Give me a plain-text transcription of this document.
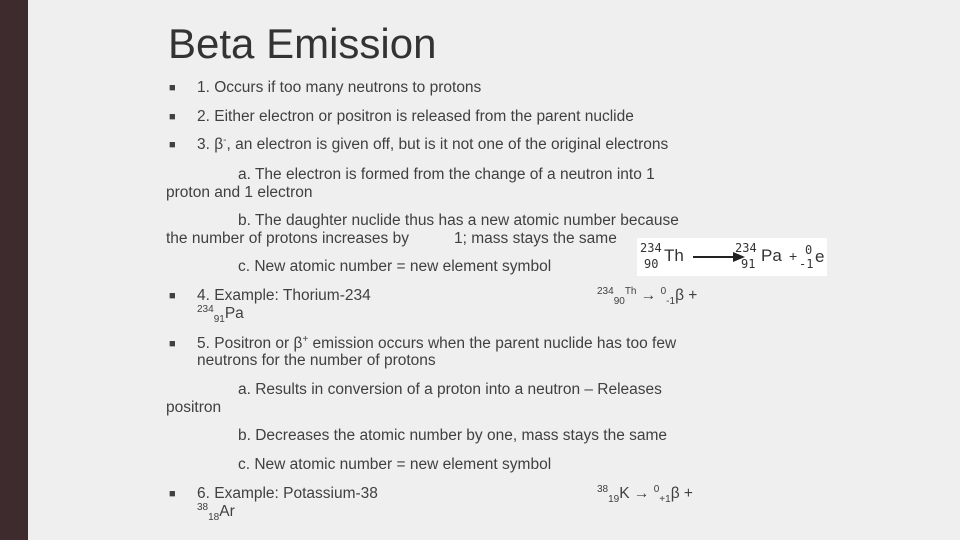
Beta Emission
■ 1. Occurs if too many neutrons to protons
■ 2. Either electron or positron is released from the parent nuclide
■ 3. β-, an electron is given off, but is it not one of the original electrons
a. The electron is formed from the change of a neutron into 1
proton and 1 electron
b. The daughter nuclide thus has a new atomic number because
the number of protons increases by	1; mass stays the same
c. New atomic number = new element symbol
234
90 Th →
234
91 Pa + 0
-1 e
■ 4. Example: Thorium-234
$^{234}_{91}$Pa
$^{234}_{90}^{Th}$ → $^0_{-1}$β +
■ 5. Positron or β+ emission occurs when the parent nuclide has too few
neutrons for the number of protons
a. Results in conversion of a proton into a neutron – Releases
positron
b. Decreases the atomic number by one, mass stays the same
c. New atomic number = new element symbol
■ 6. Example: Potassium-38
$^{38}_{18}$Ar
$^{38}_{19}$K → $^0_{+1}$β +
